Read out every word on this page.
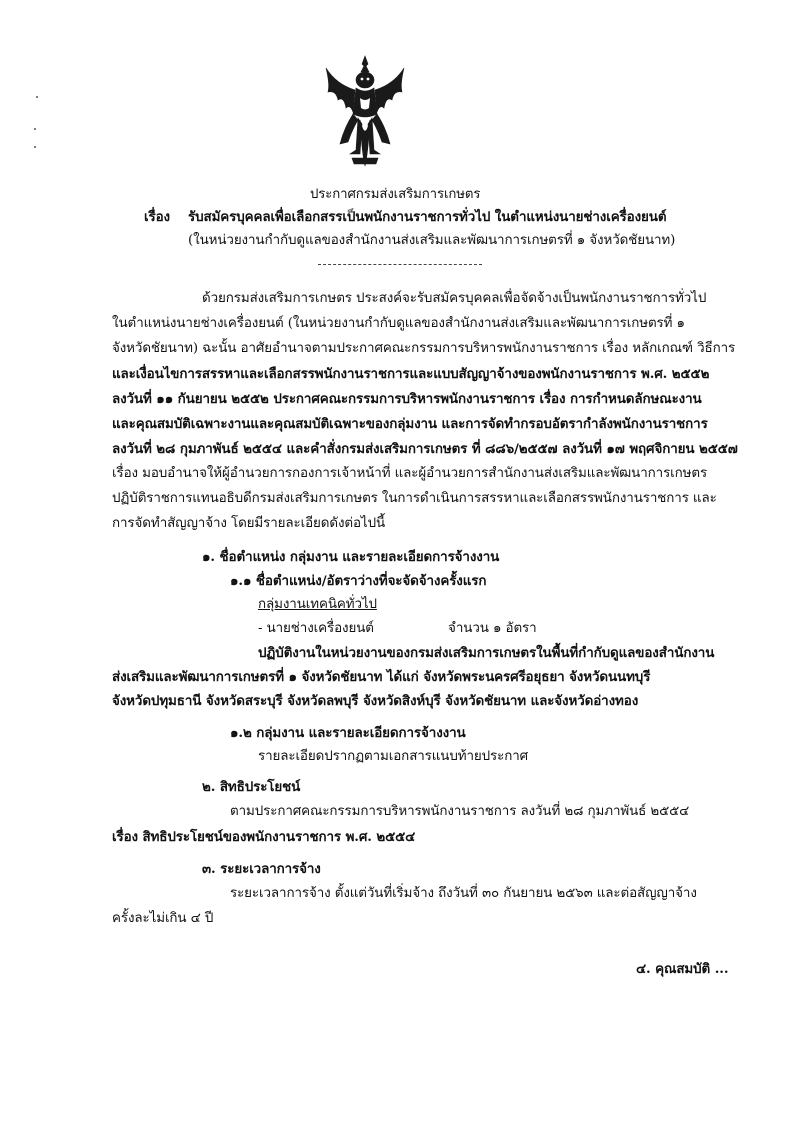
ประกาศกรมส่งเสริมการเกษตร
เรื่อง รับสมัครบุคคลเพื่อเลือกสรรเป็นพนักงานราชการทั่วไป ในตำแหน่งนายช่างเครื่องยนต์
(ในหน่วยงานกำกับดูแลของสำนักงานส่งเสริมและพัฒนาการเกษตรที่ ๑ จังหวัดชัยนาท)
ด้วยกรมส่งเสริมการเกษตร ประสงค์จะรับสมัครบุคคลเพื่อจัดจ้างเป็นพนักงานราชการทั่วไป
ในตำแหน่งนายช่างเครื่องยนต์ (ในหน่วยงานกำกับดูแลของสำนักงานส่งเสริมและพัฒนาการเกษตรที่ ๑
จังหวัดชัยนาท) ฉะนั้น อาศัยอำนาจตามประกาศคณะกรรมการบริหารพนักงานราชการ เรื่อง หลักเกณฑ์ วิธีการ
และเงื่อนไขการสรรหาและเลือกสรรพนักงานราชการและแบบสัญญาจ้างของพนักงานราชการ พ.ศ. ๒๕๕๒
ลงวันที่ ๑๑ กันยายน ๒๕๕๒ ประกาศคณะกรรมการบริหารพนักงานราชการ เรื่อง การกำหนดลักษณะงาน
และคุณสมบัติเฉพาะงานและคุณสมบัติเฉพาะของกลุ่มงาน และการจัดทำกรอบอัตรากำลังพนักงานราชการ
ลงวันที่ ๒๘ กุมภาพันธ์ ๒๕๕๔ และคำสั่งกรมส่งเสริมการเกษตร ที่ ๘๘๖/๒๕๕๗ ลงวันที่ ๑๗ พฤศจิกายน ๒๕๕๗
เรื่อง มอบอำนาจให้ผู้อำนวยการกองการเจ้าหน้าที่ และผู้อำนวยการสำนักงานส่งเสริมและพัฒนาการเกษตร
ปฏิบัติราชการแทนอธิบดีกรมส่งเสริมการเกษตร ในการดำเนินการสรรหาและเลือกสรรพนักงานราชการ และ
การจัดทำสัญญาจ้าง โดยมีรายละเอียดดังต่อไปนี้
๑. ชื่อตำแหน่ง กลุ่มงาน และรายละเอียดการจ้างงาน
๑.๑ ชื่อตำแหน่ง/อัตราว่างที่จะจัดจ้างครั้งแรก
กลุ่มงานเทคนิคทั่วไป
- นายช่างเครื่องยนต์	จำนวน ๑ อัตรา
ปฏิบัติงานในหน่วยงานของกรมส่งเสริมการเกษตรในพื้นที่กำกับดูแลของสำนักงาน
ส่งเสริมและพัฒนาการเกษตรที่ ๑ จังหวัดชัยนาท ได้แก่ จังหวัดพระนครศรีอยุธยา จังหวัดนนทบุรี
จังหวัดปทุมธานี จังหวัดสระบุรี จังหวัดลพบุรี จังหวัดสิงห์บุรี จังหวัดชัยนาท และจังหวัดอ่างทอง
๑.๒ กลุ่มงาน และรายละเอียดการจ้างงาน
รายละเอียดปรากฏตามเอกสารแนบท้ายประกาศ
๒. สิทธิประโยชน์
ตามประกาศคณะกรรมการบริหารพนักงานราชการ ลงวันที่ ๒๘ กุมภาพันธ์ ๒๕๕๔
เรื่อง สิทธิประโยชน์ของพนักงานราชการ พ.ศ. ๒๕๕๔
๓. ระยะเวลาการจ้าง
ระยะเวลาการจ้าง ตั้งแต่วันที่เริ่มจ้าง ถึงวันที่ ๓๐ กันยายน ๒๕๖๓ และต่อสัญญาจ้าง
ครั้งละไม่เกิน ๔ ปี
๔. คุณสมบัติ ...
